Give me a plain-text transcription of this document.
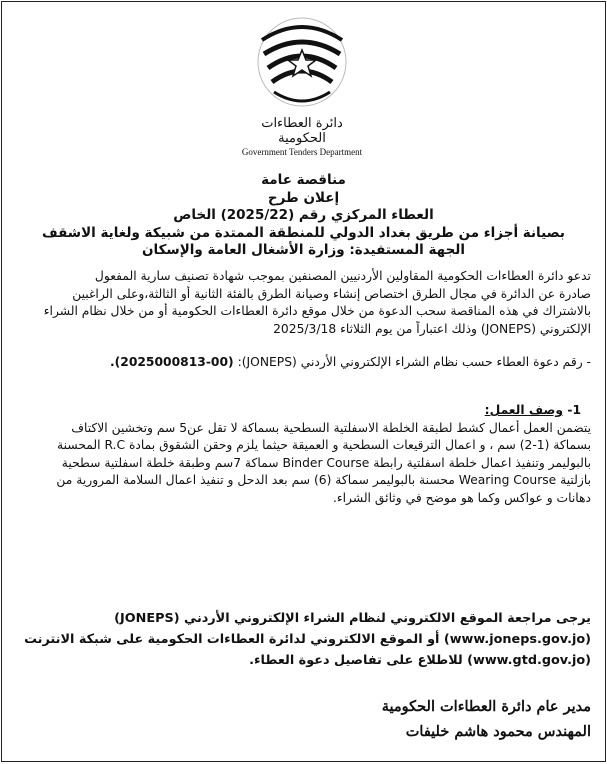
دائرة العطاءات الحكومية
Government Tenders Department
مناقصة عامة
إعلان طرح
العطاء المركزي رقم (2025/22) الخاص
بصيانة أجزاء من طريق بغداد الدولي للمنطقة الممتدة من شبيكة ولغاية الاشقف
الجهة المستفيدة: وزارة الأشغال العامة والإسكان
تدعو دائرة العطاءات الحكومية المقاولين الأردنيين المصنفين بموجب شهادة تصنيف سارية المفعول
صادرة عن الدائرة في مجال الطرق اختصاص إنشاء وصيانة الطرق بالفئة الثانية أو الثالثة،وعلى الراغبين
بالاشتراك في هذه المناقصة سحب الدعوة من خلال موقع دائرة العطاءات الحكومية أو من خلال نظام الشراء
الإلكتروني (JONEPS) وذلك اعتباراً من يوم الثلاثاء 2025/3/18
- رقم دعوة العطاء حسب نظام الشراء الإلكتروني الأردني (JONEPS): (2025000813-00).
1- وصف العمل:
يتضمن العمل أعمال كشط لطبقة الخلطة الاسفلتية السطحية بسماكة لا تقل عن5 سم وتخشين الاكتاف
بسماكة (1-2) سم ، و اعمال الترقيعات السطحية و العميقة حيثما يلزم وحقن الشقوق بمادة R.C المحسنة
بالبوليمر وتنفيذ اعمال خلطة اسفلتية رابطة Binder Course سماكة 7سم وطبقة خلطة اسفلتية سطحية
بازلتية Wearing Course محسنة بالبوليمر سماكة (6) سم بعد الدحل و تنفيذ اعمال السلامة المرورية من
دهانات و عواكس وكما هو موضح في وثائق الشراء.
يرجى مراجعة الموقع الالكتروني لنظام الشراء الإلكتروني الأردني (JONEPS)
(www.joneps.gov.jo) أو الموقع الالكتروني لدائرة العطاءات الحكومية على شبكة الانترنت
(www.gtd.gov.jo) للاطلاع على تفاصيل دعوة العطاء.
مدير عام دائرة العطاءات الحكومية
المهندس محمود هاشم خليفات
